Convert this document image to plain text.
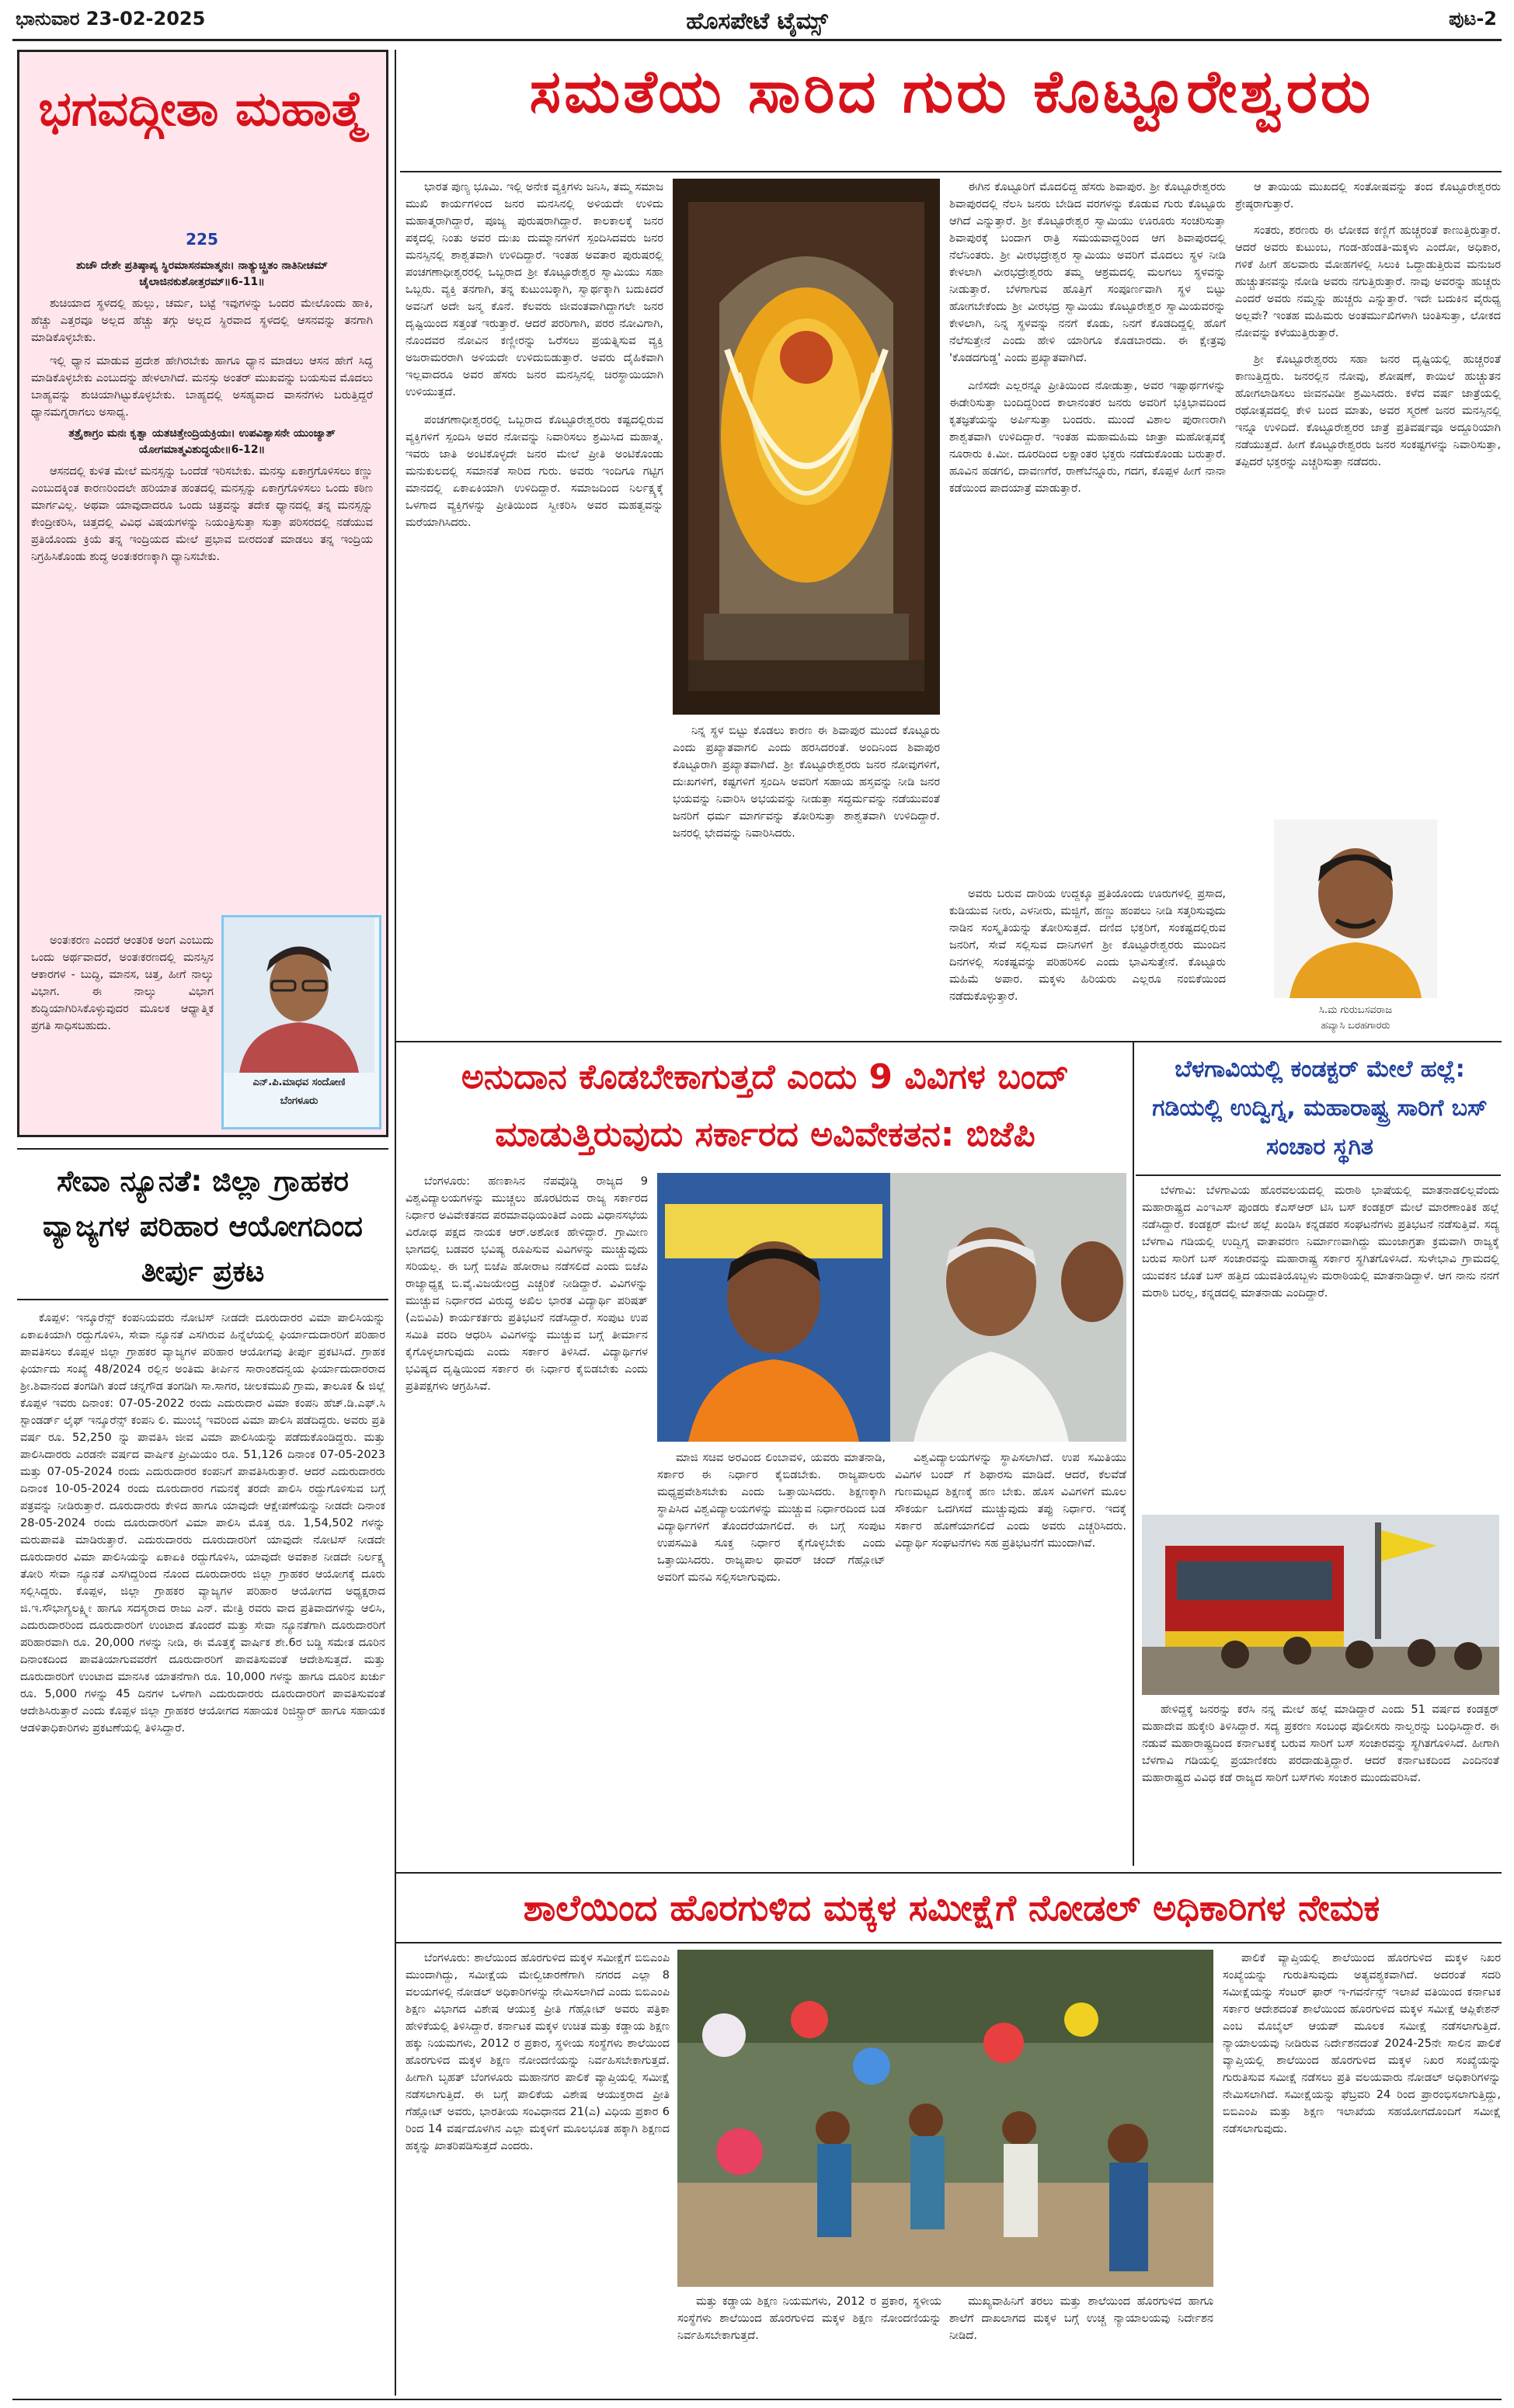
ಭಾನುವಾರ 23-02-2025	ಹೊಸಪೇಟೆ ಟೈಮ್ಸ್	ಪುಟ-2
ಭಗವದ್ಗೀತಾ ಮಹಾತ್ಮೆ
225
ಶುಚೌ ದೇಶೇ ಪ್ರತಿಷ್ಠಾಪ್ಯ ಸ್ಥಿರಮಾಸನಮಾತ್ಮನಃ। ನಾತ್ಯುಚ್ಛ್ರಿತಂ ನಾತಿನೀಚಮ್ ಚೈಲಾಜಿನಕುಶೋತ್ತರಮ್॥6-11॥

ಶುಚಿಯಾದ ಸ್ಥಳದಲ್ಲಿ ಹುಲ್ಲು, ಚರ್ಮ, ಬಟ್ಟೆ ಇವುಗಳನ್ನು ಒಂದರ ಮೇಲೊಂದು ಹಾಕಿ, ಹೆಚ್ಚು ಎತ್ತರವೂ ಅಲ್ಲದ ಹೆಚ್ಚು ತಗ್ಗು ಅಲ್ಲದ ಸ್ಥಿರವಾದ ಸ್ಥಳದಲ್ಲಿ ಆಸನವನ್ನು ತನಗಾಗಿ ಮಾಡಿಕೊಳ್ಳಬೇಕು.

ಇಲ್ಲಿ ಧ್ಯಾನ ಮಾಡುವ ಪ್ರದೇಶ ಹೇಗಿರಬೇಕು ಹಾಗೂ ಧ್ಯಾನ ಮಾಡಲು ಆಸನ ಹೇಗೆ ಸಿದ್ಧ ಮಾಡಿಕೊಳ್ಳಬೇಕು ಎಂಬುದನ್ನು ಹೇಳಲಾಗಿದೆ. ಮನಸ್ಸು ಅಂತರ್ ಮುಖವನ್ನು ಬಯಸುವ ಮೊದಲು ಬಾಹ್ಯವನ್ನು ಶುಚಿಯಾಗಿಟ್ಟುಕೊಳ್ಳಬೇಕು. ಬಾಹ್ಯದಲ್ಲಿ ಅಸಹ್ಯವಾದ ವಾಸನೆಗಳು ಬರುತ್ತಿದ್ದರೆ ಧ್ಯಾನಮಗ್ನರಾಗಲು ಅಸಾಧ್ಯ.

ತತ್ರೈಕಾಗ್ರಂ ಮನಃ ಕೃತ್ವಾ ಯತಚಿತ್ತೇಂದ್ರಿಯಕ್ರಿಯಃ। ಉಪವಿಶ್ಯಾಸನೇ ಯುಂಜ್ಯಾತ್ ಯೋಗಮಾತ್ಮವಿಶುದ್ಧಯೇ॥6-12॥

ಆಸನದಲ್ಲಿ ಕುಳಿತ ಮೇಲೆ ಮನಸ್ಸನ್ನು ಒಂದೆಡೆ ಇರಿಸಬೇಕು. ಮನಸ್ಸು ಏಕಾಗ್ರಗೊಳಿಸಲು ಕಣ್ಣು ಎಂಬುದಕ್ಕಿಂತ ಕಾರಣರಿಂದಲೇ ಹರಿಯಾತ ಹಂತದಲ್ಲಿ ಮನಸ್ಸನ್ನು ಏಕಾಗ್ರಗೊಳಿಸಲು ಒಂದು ಕಠಿಣ ಮಾರ್ಗವಿಲ್ಲ. ಅಥವಾ ಯಾವುದಾದರೂ ಒಂದು ಚಿತ್ರವನ್ನು ತದೇಕ ಧ್ಯಾನದಲ್ಲಿ ತನ್ನ ಮನಸ್ಸನ್ನು ಕೇಂದ್ರೀಕರಿಸಿ, ಚಿತ್ತದಲ್ಲಿ ವಿವಿಧ ವಿಷಯಗಳನ್ನು ನಿಯಂತ್ರಿಸುತ್ತಾ ಸುತ್ತಾ ಪರಿಸರದಲ್ಲಿ ನಡೆಯುವ ಪ್ರತಿಯೊಂದು ಕ್ರಿಯೆ ತನ್ನ ಇಂದ್ರಿಯದ ಮೇಲೆ ಪ್ರಭಾವ ಬೀರದಂತೆ ಮಾಡಲು ತನ್ನ ಇಂದ್ರಿಯ ನಿಗ್ರಹಿಸಿಕೊಂಡು ಶುದ್ಧ ಅಂತಃಕರಣಕ್ಕಾಗಿ ಧ್ಯಾನಿಸಬೇಕು.

ಅಂತಃಕರಣ ಎಂದರೆ ಆಂತರಿಕ ಅಂಗ ಎಂಬುದು ಒಂದು ಅರ್ಥವಾದರೆ, ಅಂತಃಕರಣದಲ್ಲಿ ಮನಸ್ಸಿನ ಆಕಾರಗಳ - ಬುದ್ಧಿ, ಮಾನಸ, ಚಿತ್ತ, ಹೀಗೆ ನಾಲ್ಕು ವಿಭಾಗ. ಈ ನಾಲ್ಕು ವಿಭಾಗ ಶುದ್ಧಿಯಾಗಿರಿಸಿಕೊಳ್ಳುವುದರ ಮೂಲಕ ಆಧ್ಯಾತ್ಮಿಕ ಪ್ರಗತಿ ಸಾಧಿಸಬಹುದು.

ಎನ್.ಪಿ.ಮಾಧವ ಸಂದೋಣಿ
ಬೆಂಗಳೂರು
ಸಮತೆಯ ಸಾರಿದ ಗುರು ಕೊಟ್ಟೂರೇಶ್ವರರು

ಭಾರತ ಪುಣ್ಯ ಭೂಮಿ. ಇಲ್ಲಿ ಅನೇಕ ವ್ಯಕ್ತಿಗಳು ಜನಿಸಿ, ತಮ್ಮ ಸಮಾಜ ಮುಖಿ ಕಾರ್ಯಗಳಿಂದ ಜನರ ಮನಸಿನಲ್ಲಿ ಅಳಿಯದೇ ಉಳಿದು ಮಹಾತ್ಮರಾಗಿದ್ದಾರೆ, ಪೂಜ್ಯ ಪುರುಷರಾಗಿದ್ದಾರೆ. ಕಾಲಕಾಲಕ್ಕೆ ಜನರ ಪಕ್ಕದಲ್ಲಿ ನಿಂತು ಅವರ ದುಃಖ ದುಮ್ಮಾನಗಳಿಗೆ ಸ್ಪಂದಿಸಿದವರು ಜನರ ಮನಸ್ಸಿನಲ್ಲಿ ಶಾಶ್ವತವಾಗಿ ಉಳಿದಿದ್ದಾರೆ. ಇಂತಹ ಅವತಾರ ಪುರುಷರಲ್ಲಿ ಪಂಚಗಣಾಧೀಶ್ವರರಲ್ಲಿ ಒಬ್ಬರಾದ ಶ್ರೀ ಕೊಟ್ಟೂರೇಶ್ವರ ಸ್ವಾಮಿಯು ಸಹಾ ಒಬ್ಬರು. ವ್ಯಕ್ತಿ ತನಗಾಗಿ, ತನ್ನ ಕುಟುಂಬಕ್ಕಾಗಿ, ಸ್ವಾರ್ಥಕ್ಕಾಗಿ ಬದುಕಿದರೆ ಅವನಿಗೆ ಅದೇ ಜನ್ಮ ಕೊನೆ. ಕೆಲವರು ಜೀವಂತವಾಗಿದ್ದಾಗಲೇ ಜನರ ದೃಷ್ಟಿಯಿಂದ ಸತ್ತಂತೆ ಇರುತ್ತಾರೆ. ಆದರೆ ಪರರಿಗಾಗಿ, ಪರರ ನೋವಿಗಾಗಿ, ನೊಂದವರ ನೋವಿನ ಕಣ್ಣೀರನ್ನು ಒರೆಸಲು ಪ್ರಯತ್ನಿಸುವ ವ್ಯಕ್ತಿ ಅಜರಾಮರರಾಗಿ ಅಳಿಯದೇ ಉಳಿದುಬಿಡುತ್ತಾರೆ. ಅವರು ದೈಹಿಕವಾಗಿ ಇಲ್ಲವಾದರೂ ಅವರ ಹೆಸರು ಜನರ ಮನಸ್ಸಿನಲ್ಲಿ ಚಿರಸ್ಥಾಯಿಯಾಗಿ ಉಳಿಯುತ್ತದೆ.

ಪಂಚಗಣಾಧೀಶ್ವರರಲ್ಲಿ ಒಬ್ಬರಾದ ಕೊಟ್ಟೂರೇಶ್ವರರು ಕಷ್ಟದಲ್ಲಿರುವ ವ್ಯಕ್ತಿಗಳಿಗೆ ಸ್ಪಂದಿಸಿ ಅವರ ನೋವನ್ನು ನಿವಾರಿಸಲು ಶ್ರಮಿಸಿದ ಮಹಾತ್ಮ. ಇವರು ಜಾತಿ ಅಂಟಿಕೊಳ್ಳದೇ ಜನರ ಮೇಲೆ ಪ್ರೀತಿ ಅಂಟಿಕೊಂಡು ಮನುಕುಲದಲ್ಲಿ ಸಮಾನತೆ ಸಾರಿದ ಗುರು. ಅವರು ಇಂದಿಗೂ ಗಟ್ಟಿಗ ಮಾನದಲ್ಲಿ ಏಕಾಏಕಿಯಾಗಿ ಉಳಿದಿದ್ದಾರೆ. ಸಮಾಜದಿಂದ ನಿರ್ಲಕ್ಷ್ಯಕ್ಕೆ ಒಳಗಾದ ವ್ಯಕ್ತಿಗಳನ್ನು ಪ್ರೀತಿಯಿಂದ ಸ್ವೀಕರಿಸಿ ಅವರ ಮಹತ್ವವನ್ನು ಮರೆಯಾಗಿಸಿದರು.

ನಿನ್ನ ಸ್ಥಳ ಬಿಟ್ಟು ಕೊಡಲು ಕಾರಣ ಈ ಶಿವಾಪುರ ಮುಂದೆ ಕೊಟ್ಟೂರು ಎಂದು ಪ್ರಖ್ಯಾತವಾಗಲಿ ಎಂದು ಹರಸಿದರಂತೆ. ಅಂದಿನಿಂದ ಶಿವಾಪುರ ಕೊಟ್ಟೂರಾಗಿ ಪ್ರಖ್ಯಾತವಾಗಿದೆ. ಶ್ರೀ ಕೊಟ್ಟೂರೇಶ್ವರರು ಜನರ ನೋವುಗಳಿಗೆ, ದುಃಖಗಳಿಗೆ, ಕಷ್ಟಗಳಿಗೆ ಸ್ಪಂದಿಸಿ ಅವರಿಗೆ ಸಹಾಯ ಹಸ್ತವನ್ನು ನೀಡಿ ಜನರ ಭಯವನ್ನು ನಿವಾರಿಸಿ ಅಭಯವನ್ನು ನೀಡುತ್ತಾ ಸದ್ಧರ್ಮವನ್ನು ನಡೆಯುವಂತೆ ಜನರಿಗೆ ಧರ್ಮ ಮಾರ್ಗವನ್ನು ತೋರಿಸುತ್ತಾ ಶಾಶ್ವತವಾಗಿ ಉಳಿದಿದ್ದಾರೆ. ಜನರಲ್ಲಿ ಭೇದವನ್ನು ನಿವಾರಿಸಿದರು.

ಈಗಿನ ಕೊಟ್ಟೂರಿಗೆ ಮೊದಲಿದ್ದ ಹೆಸರು ಶಿವಾಪುರ. ಶ್ರೀ ಕೊಟ್ಟೂರೇಶ್ವರರು ಶಿವಾಪುರದಲ್ಲಿ ನೆಲಸಿ ಜನರು ಬೇಡಿದ ವರಗಳನ್ನು ಕೊಡುವ ಗುರು ಕೊಟ್ಟೂರು ಆಗಿದೆ ಎನ್ನುತ್ತಾರೆ. ಶ್ರೀ ಕೊಟ್ಟೂರೇಶ್ವರ ಸ್ವಾಮಿಯು ಊರೂರು ಸಂಚರಿಸುತ್ತಾ ಶಿವಾಪುರಕ್ಕೆ ಬಂದಾಗ ರಾತ್ರಿ ಸಮಯವಾದ್ದರಿಂದ ಆಗ ಶಿವಾಪುರದಲ್ಲಿ ನೆಲೆನಿಂತರು. ಶ್ರೀ ವೀರಭದ್ರೇಶ್ವರ ಸ್ವಾಮಿಯು ಅವರಿಗೆ ಮೊದಲು ಸ್ಥಳ ನೀಡಿ ಕೇಳಲಾಗಿ ವೀರಭದ್ರೇಶ್ವರರು ತಮ್ಮ ಆಶ್ರಮದಲ್ಲಿ ಮಲಗಲು ಸ್ಥಳವನ್ನು ನೀಡುತ್ತಾರೆ. ಬೆಳಗಾಗುವ ಹೊತ್ತಿಗೆ ಸಂಪೂರ್ಣವಾಗಿ ಸ್ಥಳ ಬಿಟ್ಟು ಹೋಗಬೇಕೆಂದು ಶ್ರೀ ವೀರಭದ್ರ ಸ್ವಾಮಿಯು ಕೊಟ್ಟೂರೇಶ್ವರ ಸ್ವಾಮಿಯವರನ್ನು ಕೇಳಲಾಗಿ, ನಿನ್ನ ಸ್ಥಳವನ್ನು ನನಗೆ ಕೊಡು, ನಿನಗೆ ಕೊಡದಿದ್ದಲ್ಲಿ ಹೊಗೆ ನೆಲೆಸುತ್ತೇನೆ ಎಂದು ಹೇಳಿ ಯಾರಿಗೂ ಕೊಡಬಾರದು. ಈ ಕ್ಷೇತ್ರವು 'ಕೊಡದಗುಡ್ಡ' ಎಂದು ಪ್ರಖ್ಯಾತವಾಗಿದೆ.

ಎಣಿಸದೇ ಎಲ್ಲರನ್ನೂ ಪ್ರೀತಿಯಿಂದ ನೋಡುತ್ತಾ, ಅವರ ಇಷ್ಟಾರ್ಥಗಳನ್ನು ಈಡೇರಿಸುತ್ತಾ ಬಂದಿದ್ದರಿಂದ ಕಾಲಾನಂತರ ಜನರು ಅವರಿಗೆ ಭಕ್ತಿಭಾವದಿಂದ ಕೃತಜ್ಞತೆಯನ್ನು ಅರ್ಪಿಸುತ್ತಾ ಬಂದರು. ಮುಂದೆ ವಿಶಾಲ ಪುರಾಣರಾಗಿ ಶಾಶ್ವತವಾಗಿ ಉಳಿದಿದ್ದಾರೆ. ಇಂತಹ ಮಹಾಮಹಿಮ ಜಾತ್ರಾ ಮಹೋತ್ಸವಕ್ಕೆ ನೂರಾರು ಕಿ.ಮೀ. ದೂರದಿಂದ ಲಕ್ಷಾಂತರ ಭಕ್ತರು ನಡೆದುಕೊಂಡು ಬರುತ್ತಾರೆ. ಹೂವಿನ ಹಡಗಲಿ, ದಾವಣಗೆರೆ, ರಾಣೆಬೆನ್ನೂರು, ಗದಗ, ಕೊಪ್ಪಳ ಹೀಗೆ ನಾನಾ ಕಡೆಯಿಂದ ಪಾದಯಾತ್ರೆ ಮಾಡುತ್ತಾರೆ.

ಆ ತಾಯಿಯ ಮುಖದಲ್ಲಿ ಸಂತೋಷವನ್ನು ತಂದ ಕೊಟ್ಟೂರೇಶ್ವರರು ಶ್ರೇಷ್ಠರಾಗುತ್ತಾರೆ.

ಸಂತರು, ಶರಣರು ಈ ಲೋಕದ ಕಣ್ಣಿಗೆ ಹುಚ್ಚರಂತೆ ಕಾಣುತ್ತಿರುತ್ತಾರೆ. ಆದರೆ ಅವರು ಕುಟುಂಬ, ಗಂಡ-ಹೆಂಡತಿ-ಮಕ್ಕಳು ಎಂದೋ, ಅಧಿಕಾರ, ಗಳಿಕೆ ಹೀಗೆ ಹಲವಾರು ಮೋಹಗಳಲ್ಲಿ ಸಿಲುಕಿ ಒದ್ದಾಡುತ್ತಿರುವ ಮನುಜರ ಹುಚ್ಚುತನವನ್ನು ನೋಡಿ ಅವರು ನಗುತ್ತಿರುತ್ತಾರೆ. ನಾವು ಅವರನ್ನು ಹುಚ್ಚರು ಎಂದರೆ ಅವರು ನಮ್ಮನ್ನು ಹುಚ್ಚರು ಎನ್ನುತ್ತಾರೆ. ಇದೇ ಬದುಕಿನ ವೈರುಧ್ಯ ಅಲ್ಲವೇ? ಇಂತಹ ಮಹಿಮರು ಅಂತರ್ಮುಖಿಗಳಾಗಿ ಚಿಂತಿಸುತ್ತಾ, ಲೋಕದ ನೋವನ್ನು ಕಳೆಯುತ್ತಿರುತ್ತಾರೆ.

ಶ್ರೀ ಕೊಟ್ಟೂರೇಶ್ವರರು ಸಹಾ ಜನರ ದೃಷ್ಟಿಯಲ್ಲಿ ಹುಚ್ಚರಂತೆ ಕಾಣುತ್ತಿದ್ದರು. ಜನರಲ್ಲಿನ ನೋವು, ಶೋಷಣೆ, ಕಾಯಿಲೆ ಹುಚ್ಚುತನ ಹೋಗಲಾಡಿಸಲು ಜೀವನವಿಡೀ ಶ್ರಮಿಸಿದರು. ಕಳೆದ ವರ್ಷ ಜಾತ್ರೆಯಲ್ಲಿ ರಥೋತ್ಸವದಲ್ಲಿ ಕೇಳಿ ಬಂದ ಮಾತು, ಅವರ ಸ್ಮರಣೆ ಜನರ ಮನಸ್ಸಿನಲ್ಲಿ ಇನ್ನೂ ಉಳಿದಿದೆ. ಕೊಟ್ಟೂರೇಶ್ವರರ ಜಾತ್ರೆ ಪ್ರತಿವರ್ಷವೂ ಅದ್ದೂರಿಯಾಗಿ ನಡೆಯುತ್ತದೆ. ಹೀಗೆ ಕೊಟ್ಟೂರೇಶ್ವರರು ಜನರ ಸಂಕಷ್ಟಗಳನ್ನು ನಿವಾರಿಸುತ್ತಾ, ತಪ್ಪಿದರೆ ಭಕ್ತರನ್ನು ಎಚ್ಚರಿಸುತ್ತಾ ನಡೆದರು.

ಅವರು ಬರುವ ದಾರಿಯ ಉದ್ದಕ್ಕೂ ಪ್ರತಿಯೊಂದು ಊರುಗಳಲ್ಲಿ ಪ್ರಸಾದ, ಕುಡಿಯುವ ನೀರು, ಎಳನೀರು, ಮಜ್ಜಿಗೆ, ಹಣ್ಣು ಹಂಪಲು ನೀಡಿ ಸತ್ಕರಿಸುವುದು ನಾಡಿನ ಸಂಸ್ಕೃತಿಯನ್ನು ತೋರಿಸುತ್ತದೆ. ದಣಿದ ಭಕ್ತರಿಗೆ, ಸಂಕಷ್ಟದಲ್ಲಿರುವ ಜನರಿಗೆ, ಸೇವೆ ಸಲ್ಲಿಸುವ ದಾನಿಗಳಿಗೆ ಶ್ರೀ ಕೊಟ್ಟೂರೇಶ್ವರರು ಮುಂದಿನ ದಿನಗಳಲ್ಲಿ ಸಂಕಷ್ಟವನ್ನು ಪರಿಹರಿಸಲಿ ಎಂದು ಭಾವಿಸುತ್ತೇನೆ. ಕೊಟ್ಟೂರು ಮಹಿಮೆ ಅಪಾರ. ಮಕ್ಕಳು ಹಿರಿಯರು ಎಲ್ಲರೂ ನಂಬಿಕೆಯಿಂದ ನಡೆದುಕೊಳ್ಳುತ್ತಾರೆ.

ಸಿ.ಮ ಗುರುಬಸವರಾಜ
ಹವ್ಯಾಸಿ ಬರಹಗಾರರು
ಸೇವಾ ನ್ಯೂನತೆ: ಜಿಲ್ಲಾ ಗ್ರಾಹಕರ ವ್ಯಾಜ್ಯಗಳ ಪರಿಹಾರ ಆಯೋಗದಿಂದ ತೀರ್ಪು ಪ್ರಕಟ

ಕೊಪ್ಪಳ: ಇನ್ಶೂರೆನ್ಸ್ ಕಂಪನಿಯವರು ನೋಟಿಸ್ ನೀಡದೇ ದೂರುದಾರರ ವಿಮಾ ಪಾಲಿಸಿಯನ್ನು ಏಕಾಏಕಿಯಾಗಿ ರದ್ದುಗೊಳಿಸಿ, ಸೇವಾ ನ್ಯೂನತೆ ಎಸಗಿರುವ ಹಿನ್ನೆಲೆಯಲ್ಲಿ ಫಿರ್ಯಾದುದಾರರಿಗೆ ಪರಿಹಾರ ಪಾವತಿಸಲು ಕೊಪ್ಪಳ ಜಿಲ್ಲಾ ಗ್ರಾಹಕರ ವ್ಯಾಜ್ಯಗಳ ಪರಿಹಾರ ಆಯೋಗವು ತೀರ್ಪು ಪ್ರಕಟಿಸಿದೆ. ಗ್ರಾಹಕ ಫಿರ್ಯಾದು ಸಂಖ್ಯೆ 48/2024 ರಲ್ಲಿನ ಅಂತಿಮ ತೀರ್ಪಿನ ಸಾರಾಂಶದನ್ವಯ ಫಿರ್ಯಾದುದಾರರಾದ ಶ್ರೀ.ಶಿವಾನಂದ ತಂಗಡಿಗಿ ತಂದೆ ಚನ್ನಗೌಡ ತಂಗಡಿಗಿ ಸಾ.ಸಾಗರ, ಚೀಲಕಮುಖಿ ಗ್ರಾಮ, ತಾಲೂಕ & ಜಿಲ್ಲೆ ಕೊಪ್ಪಳ ಇವರು ದಿನಾಂಕ: 07-05-2022 ರಂದು ಎದುರುದಾರ ವಿಮಾ ಕಂಪನಿ ಹೆಚ್.ಡಿ.ಎಫ್.ಸಿ ಸ್ಟಾಂಡರ್ಡ್ ಲೈಫ್ ಇನ್ಶೂರೆನ್ಸ್ ಕಂಪನಿ ಲಿ. ಮುಂಬೈ ಇವರಿಂದ ವಿಮಾ ಪಾಲಿಸಿ ಪಡೆದಿದ್ದರು. ಅವರು ಪ್ರತಿ ವರ್ಷ ರೂ. 52,250 ನ್ನು ಪಾವತಿಸಿ ಜೀವ ವಿಮಾ ಪಾಲಿಸಿಯನ್ನು ಪಡೆದುಕೊಂಡಿದ್ದರು. ಮತ್ತು ಪಾಲಿಸಿದಾರರು ಎರಡನೇ ವರ್ಷದ ವಾರ್ಷಿಕ ಪ್ರೀಮಿಯಂ ರೂ. 51,126 ದಿನಾಂಕ 07-05-2023 ಮತ್ತು 07-05-2024 ರಂದು ಎದುರುದಾರರ ಕಂಪನಿಗೆ ಪಾವತಿಸಿರುತ್ತಾರೆ. ಆದರೆ ಎದುರುದಾರರು ದಿನಾಂಕ 10-05-2024 ರಂದು ದೂರುದಾರರ ಗಮನಕ್ಕೆ ತರದೇ ಪಾಲಿಸಿ ರದ್ದುಗೊಳಿಸುವ ಬಗ್ಗೆ ಪತ್ರವನ್ನು ನೀಡಿರುತ್ತಾರೆ. ದೂರುದಾರರು ಕೇಳಿದ ಹಾಗೂ ಯಾವುದೇ ಆಕ್ಷೇಪಣೆಯನ್ನು ನೀಡದೇ ದಿನಾಂಕ 28-05-2024 ರಂದು ದೂರುದಾರರಿಗೆ ವಿಮಾ ಪಾಲಿಸಿ ಮೊತ್ತ ರೂ. 1,54,502 ಗಳನ್ನು ಮರುಪಾವತಿ ಮಾಡಿರುತ್ತಾರೆ. ಎದುರುದಾರರು ದೂರುದಾರರಿಗೆ ಯಾವುದೇ ನೋಟಿಸ್ ನೀಡದೇ ದೂರುದಾರರ ವಿಮಾ ಪಾಲಿಸಿಯನ್ನು ಏಕಾಏಕಿ ರದ್ದುಗೊಳಿಸಿ, ಯಾವುದೇ ಅವಕಾಶ ನೀಡದೇ ನಿರ್ಲಕ್ಷ್ಯ ತೋರಿ ಸೇವಾ ನ್ಯೂನತೆ ಎಸಗಿದ್ದರಿಂದ ನೊಂದ ದೂರುದಾರರು ಜಿಲ್ಲಾ ಗ್ರಾಹಕರ ಆಯೋಗಕ್ಕೆ ದೂರು ಸಲ್ಲಿಸಿದ್ದರು. ಕೊಪ್ಪಳ, ಜಿಲ್ಲಾ ಗ್ರಾಹಕರ ವ್ಯಾಜ್ಯಗಳ ಪರಿಹಾರ ಆಯೋಗದ ಅಧ್ಯಕ್ಷರಾದ ಜಿ.ಇ.ಸೌಭಾಗ್ಯಲಕ್ಷ್ಮೀ ಹಾಗೂ ಸದಸ್ಯರಾದ ರಾಜು ಎನ್. ಮೇತ್ರಿ ರವರು ವಾದ ಪ್ರತಿವಾದಗಳನ್ನು ಆಲಿಸಿ, ಎದುರುದಾರರಿಂದ ದೂರುದಾರರಿಗೆ ಉಂಟಾದ ತೊಂದರೆ ಮತ್ತು ಸೇವಾ ನ್ಯೂನತೆಗಾಗಿ ದೂರುದಾರರಿಗೆ ಪರಿಹಾರವಾಗಿ ರೂ. 20,000 ಗಳನ್ನು ನೀಡಿ, ಈ ಮೊತ್ತಕ್ಕೆ ವಾರ್ಷಿಕ ಶೇ.6ರ ಬಡ್ಡಿ ಸಮೇತ ದೂರಿನ ದಿನಾಂಕದಿಂದ ಪಾವತಿಯಾಗುವವರೆಗೆ ದೂರುದಾರರಿಗೆ ಪಾವತಿಸುವಂತೆ ಆದೇಶಿಸುತ್ತದೆ. ಮತ್ತು ದೂರುದಾರರಿಗೆ ಉಂಟಾದ ಮಾನಸಿಕ ಯಾತನೆಗಾಗಿ ರೂ. 10,000 ಗಳನ್ನು ಹಾಗೂ ದೂರಿನ ಖರ್ಚು ರೂ. 5,000 ಗಳನ್ನು 45 ದಿನಗಳ ಒಳಗಾಗಿ ಎದುರುದಾರರು ದೂರುದಾರರಿಗೆ ಪಾವತಿಸುವಂತೆ ಆದೇಶಿಸಿರುತ್ತಾರೆ ಎಂದು ಕೊಪ್ಪಳ ಜಿಲ್ಲಾ ಗ್ರಾಹಕರ ಆಯೋಗದ ಸಹಾಯಕ ರಿಜಿಸ್ಟ್ರಾರ್ ಹಾಗೂ ಸಹಾಯಕ ಆಡಳಿತಾಧಿಕಾರಿಗಳು ಪ್ರಕಟಣೆಯಲ್ಲಿ ತಿಳಿಸಿದ್ದಾರೆ.

ಅನುದಾನ ಕೊಡಬೇಕಾಗುತ್ತದೆ ಎಂದು 9 ವಿವಿಗಳ ಬಂದ್ ಮಾಡುತ್ತಿರುವುದು ಸರ್ಕಾರದ ಅವಿವೇಕತನ: ಬಿಜೆಪಿ

ಬೆಂಗಳೂರು: ಹಣಕಾಸಿನ ನೆಪವೊಡ್ಡಿ ರಾಜ್ಯದ 9 ವಿಶ್ವವಿದ್ಯಾಲಯಗಳನ್ನು ಮುಚ್ಚಲು ಹೊರಟಿರುವ ರಾಜ್ಯ ಸರ್ಕಾರದ ನಿರ್ಧಾರ ಅವಿವೇಕತನದ ಪರಮಾವಧಿಯಂತಿದೆ ಎಂದು ವಿಧಾನಸಭೆಯ ವಿರೋಧ ಪಕ್ಷದ ನಾಯಕ ಆರ್.ಅಶೋಕ ಹೇಳಿದ್ದಾರೆ. ಗ್ರಾಮೀಣ ಭಾಗದಲ್ಲಿ ಬಡವರ ಭವಿಷ್ಯ ರೂಪಿಸುವ ವಿವಿಗಳನ್ನು ಮುಚ್ಚುವುದು ಸರಿಯಲ್ಲ. ಈ ಬಗ್ಗೆ ಬಿಜೆಪಿ ಹೋರಾಟ ನಡೆಸಲಿದೆ ಎಂದು ಬಿಜೆಪಿ ರಾಜ್ಯಾಧ್ಯಕ್ಷ ಬಿ.ವೈ.ವಿಜಯೇಂದ್ರ ಎಚ್ಚರಿಕೆ ನೀಡಿದ್ದಾರೆ. ವಿವಿಗಳನ್ನು ಮುಚ್ಚುವ ನಿರ್ಧಾರದ ವಿರುದ್ಧ ಅಖಿಲ ಭಾರತ ವಿದ್ಯಾರ್ಥಿ ಪರಿಷತ್ (ಎಬಿವಿಪಿ) ಕಾರ್ಯಕರ್ತರು ಪ್ರತಿಭಟನೆ ನಡೆಸಿದ್ದಾರೆ. ಸಂಪುಟ ಉಪ ಸಮಿತಿ ವರದಿ ಆಧರಿಸಿ ವಿವಿಗಳನ್ನು ಮುಚ್ಚುವ ಬಗ್ಗೆ ತೀರ್ಮಾನ ಕೈಗೊಳ್ಳಲಾಗುವುದು ಎಂದು ಸರ್ಕಾರ ತಿಳಿಸಿದೆ. ವಿದ್ಯಾರ್ಥಿಗಳ ಭವಿಷ್ಯದ ದೃಷ್ಟಿಯಿಂದ ಸರ್ಕಾರ ಈ ನಿರ್ಧಾರ ಕೈಬಿಡಬೇಕು ಎಂದು ಪ್ರತಿಪಕ್ಷಗಳು ಆಗ್ರಹಿಸಿವೆ.

ಮಾಜಿ ಸಚಿವ ಅರವಿಂದ ಲಿಂಬಾವಳಿ, ಯವರು ಮಾತನಾಡಿ, ಸರ್ಕಾರ ಈ ನಿರ್ಧಾರ ಕೈಬಿಡಬೇಕು. ರಾಜ್ಯಪಾಲರು ಮಧ್ಯಪ್ರವೇಶಿಸಬೇಕು ಎಂದು ಒತ್ತಾಯಿಸಿದರು. ಶಿಕ್ಷಣಕ್ಕಾಗಿ ಸ್ಥಾಪಿಸಿದ ವಿಶ್ವವಿದ್ಯಾಲಯಗಳನ್ನು ಮುಚ್ಚುವ ನಿರ್ಧಾರದಿಂದ ಬಡ ವಿದ್ಯಾರ್ಥಿಗಳಿಗೆ ತೊಂದರೆಯಾಗಲಿದೆ. ಈ ಬಗ್ಗೆ ಸಂಪುಟ ಉಪಸಮಿತಿ ಸೂಕ್ತ ನಿರ್ಧಾರ ಕೈಗೊಳ್ಳಬೇಕು ಎಂದು ಒತ್ತಾಯಿಸಿದರು. ರಾಜ್ಯಪಾಲ ಥಾವರ್ ಚಂದ್ ಗೆಹ್ಲೋಟ್ ಅವರಿಗೆ ಮನವಿ ಸಲ್ಲಿಸಲಾಗುವುದು.

ವಿಶ್ವವಿದ್ಯಾಲಯಗಳನ್ನು ಸ್ಥಾಪಿಸಲಾಗಿದೆ. ಉಪ ಸಮಿತಿಯು ವಿವಿಗಳ ಬಂದ್ ಗೆ ಶಿಫಾರಸು ಮಾಡಿದೆ. ಆದರೆ, ಕೆಲವೆಡೆ ಗುಣಮಟ್ಟದ ಶಿಕ್ಷಣಕ್ಕೆ ಹಣ ಬೇಕು. ಹೊಸ ವಿವಿಗಳಿಗೆ ಮೂಲ ಸೌಕರ್ಯ ಒದಗಿಸದೆ ಮುಚ್ಚುವುದು ತಪ್ಪು ನಿರ್ಧಾರ. ಇದಕ್ಕೆ ಸರ್ಕಾರ ಹೊಣೆಯಾಗಲಿದೆ ಎಂದು ಅವರು ಎಚ್ಚರಿಸಿದರು. ವಿದ್ಯಾರ್ಥಿ ಸಂಘಟನೆಗಳು ಸಹ ಪ್ರತಿಭಟನೆಗೆ ಮುಂದಾಗಿವೆ.

ಬೆಳಗಾವಿಯಲ್ಲಿ ಕಂಡಕ್ಟರ್ ಮೇಲೆ ಹಲ್ಲೆ: ಗಡಿಯಲ್ಲಿ ಉದ್ವಿಗ್ನ, ಮಹಾರಾಷ್ಟ್ರ ಸಾರಿಗೆ ಬಸ್ ಸಂಚಾರ ಸ್ಥಗಿತ

ಬೆಳಗಾವಿ: ಬೆಳಗಾವಿಯ ಹೊರವಲಯದಲ್ಲಿ ಮರಾಠಿ ಭಾಷೆಯಲ್ಲಿ ಮಾತನಾಡಲಿಲ್ಲವೆಂದು ಮಹಾರಾಷ್ಟ್ರದ ಎಂಇಎಸ್ ಪುಂಡರು ಕೆಎಸ್ಆರ್ ಟಿಸಿ ಬಸ್ ಕಂಡಕ್ಟರ್ ಮೇಲೆ ಮಾರಣಾಂತಿಕ ಹಲ್ಲೆ ನಡೆಸಿದ್ದಾರೆ. ಕಂಡಕ್ಟರ್ ಮೇಲೆ ಹಲ್ಲೆ ಖಂಡಿಸಿ ಕನ್ನಡಪರ ಸಂಘಟನೆಗಳು ಪ್ರತಿಭಟನೆ ನಡೆಸುತ್ತಿವೆ. ಸದ್ಯ ಬೆಳಗಾವಿ ಗಡಿಯಲ್ಲಿ ಉದ್ವಿಗ್ನ ವಾತಾವರಣ ನಿರ್ಮಾಣವಾಗಿದ್ದು ಮುಂಜಾಗ್ರತಾ ಕ್ರಮವಾಗಿ ರಾಜ್ಯಕ್ಕೆ ಬರುವ ಸಾರಿಗೆ ಬಸ್ ಸಂಚಾರವನ್ನು ಮಹಾರಾಷ್ಟ್ರ ಸರ್ಕಾರ ಸ್ಥಗಿತಗೊಳಿಸಿದೆ. ಸುಳೇಭಾವಿ ಗ್ರಾಮದಲ್ಲಿ ಯುವಕನ ಜೊತೆ ಬಸ್ ಹತ್ತಿದ ಯುವತಿಯೊಬ್ಬಳು ಮರಾಠಿಯಲ್ಲಿ ಮಾತನಾಡಿದ್ದಾಳೆ. ಆಗ ನಾನು ನನಗೆ ಮರಾಠಿ ಬರಲ್ಲ, ಕನ್ನಡದಲ್ಲಿ ಮಾತನಾಡು ಎಂದಿದ್ದಾರೆ.

ಹೇಳಿದ್ದಕ್ಕೆ ಜನರನ್ನು ಕರೆಸಿ ನನ್ನ ಮೇಲೆ ಹಲ್ಲೆ ಮಾಡಿದ್ದಾರೆ ಎಂದು 51 ವರ್ಷದ ಕಂಡಕ್ಟರ್ ಮಹಾದೇವ ಹುಕ್ಕೇರಿ ತಿಳಿಸಿದ್ದಾರೆ. ಸದ್ಯ ಪ್ರಕರಣ ಸಂಬಂಧ ಪೊಲೀಸರು ನಾಲ್ವರನ್ನು ಬಂಧಿಸಿದ್ದಾರೆ. ಈ ನಡುವೆ ಮಹಾರಾಷ್ಟ್ರದಿಂದ ಕರ್ನಾಟಕಕ್ಕೆ ಬರುವ ಸಾರಿಗೆ ಬಸ್ ಸಂಚಾರವನ್ನು ಸ್ಥಗಿತಗೊಳಿಸಿದೆ. ಹೀಗಾಗಿ ಬೆಳಗಾವಿ ಗಡಿಯಲ್ಲಿ ಪ್ರಯಾಣಿಕರು ಪರದಾಡುತ್ತಿದ್ದಾರೆ. ಆದರೆ ಕರ್ನಾಟಕದಿಂದ ಎಂದಿನಂತೆ ಮಹಾರಾಷ್ಟ್ರದ ವಿವಿಧ ಕಡೆ ರಾಜ್ಯದ ಸಾರಿಗೆ ಬಸ್‌ಗಳು ಸಂಚಾರ ಮುಂದುವರಿಸಿವೆ.

ಶಾಲೆಯಿಂದ ಹೊರಗುಳಿದ ಮಕ್ಕಳ ಸಮೀಕ್ಷೆಗೆ ನೋಡಲ್ ಅಧಿಕಾರಿಗಳ ನೇಮಕ

ಬೆಂಗಳೂರು: ಶಾಲೆಯಿಂದ ಹೊರಗುಳಿದ ಮಕ್ಕಳ ಸಮೀಕ್ಷೆಗೆ ಬಿಬಿಎಂಪಿ ಮುಂದಾಗಿದ್ದು, ಸಮೀಕ್ಷೆಯ ಮೇಲ್ವಿಚಾರಣೆಗಾಗಿ ನಗರದ ಎಲ್ಲಾ 8 ವಲಯಗಳಲ್ಲಿ ನೋಡಲ್ ಅಧಿಕಾರಿಗಳನ್ನು ನೇಮಿಸಲಾಗಿದೆ ಎಂದು ಬಿಬಿಎಂಪಿ ಶಿಕ್ಷಣ ವಿಭಾಗದ ವಿಶೇಷ ಆಯುಕ್ತ ಪ್ರೀತಿ ಗೆಹ್ಲೋಟ್ ಅವರು ಪತ್ರಿಕಾ ಹೇಳಿಕೆಯಲ್ಲಿ ತಿಳಿಸಿದ್ದಾರೆ. ಕರ್ನಾಟಕ ಮಕ್ಕಳ ಉಚಿತ ಮತ್ತು ಕಡ್ಡಾಯ ಶಿಕ್ಷಣ ಹಕ್ಕು ನಿಯಮಗಳು, 2012 ರ ಪ್ರಕಾರ, ಸ್ಥಳೀಯ ಸಂಸ್ಥೆಗಳು ಶಾಲೆಯಿಂದ ಹೊರಗುಳಿದ ಮಕ್ಕಳ ಶಿಕ್ಷಣ ನೋಂದಣಿಯನ್ನು ನಿರ್ವಹಿಸಬೇಕಾಗುತ್ತದೆ. ಹೀಗಾಗಿ ಬೃಹತ್ ಬೆಂಗಳೂರು ಮಹಾನಗರ ಪಾಲಿಕೆ ವ್ಯಾಪ್ತಿಯಲ್ಲಿ ಸಮೀಕ್ಷೆ ನಡೆಸಲಾಗುತ್ತಿದೆ. ಈ ಬಗ್ಗೆ ಪಾಲಿಕೆಯ ವಿಶೇಷ ಆಯುಕ್ತರಾದ ಪ್ರೀತಿ ಗೆಹ್ಲೋಟ್ ಅವರು, ಭಾರತೀಯ ಸಂವಿಧಾನದ 21(ಎ) ವಿಧಿಯ ಪ್ರಕಾರ 6 ರಿಂದ 14 ವರ್ಷದೊಳಗಿನ ಎಲ್ಲಾ ಮಕ್ಕಳಿಗೆ ಮೂಲಭೂತ ಹಕ್ಕಾಗಿ ಶಿಕ್ಷಣದ ಹಕ್ಕನ್ನು ಖಾತರಿಪಡಿಸುತ್ತದೆ ಎಂದರು.

ಮತ್ತು ಕಡ್ಡಾಯ ಶಿಕ್ಷಣ ನಿಯಮಗಳು, 2012 ರ ಪ್ರಕಾರ, ಸ್ಥಳೀಯ ಸಂಸ್ಥೆಗಳು ಶಾಲೆಯಿಂದ ಹೊರಗುಳಿದ ಮಕ್ಕಳ ಶಿಕ್ಷಣ ನೋಂದಣಿಯನ್ನು ನಿರ್ವಹಿಸಬೇಕಾಗುತ್ತದೆ.

ಮುಖ್ಯವಾಹಿನಿಗೆ ತರಲು ಮತ್ತು ಶಾಲೆಯಿಂದ ಹೊರಗುಳಿದ ಹಾಗೂ ಶಾಲೆಗೆ ದಾಖಲಾಗದ ಮಕ್ಕಳ ಬಗ್ಗೆ ಉಚ್ಚ ನ್ಯಾಯಾಲಯವು ನಿರ್ದೇಶನ ನೀಡಿದೆ.

ಪಾಲಿಕೆ ವ್ಯಾಪ್ತಿಯಲ್ಲಿ ಶಾಲೆಯಿಂದ ಹೊರಗುಳಿದ ಮಕ್ಕಳ ನಿಖರ ಸಂಖ್ಯೆಯನ್ನು ಗುರುತಿಸುವುದು ಅತ್ಯವಶ್ಯಕವಾಗಿದೆ. ಅದರಂತೆ ಸದರಿ ಸಮೀಕ್ಷೆಯನ್ನು ಸೆಂಟರ್ ಫಾರ್ ಇ-ಗವರ್ನೆನ್ಸ್ ಇಲಾಖೆ ವತಿಯಿಂದ ಕರ್ನಾಟಕ ಸರ್ಕಾರ ಆದೇಶದಂತೆ ಶಾಲೆಯಿಂದ ಹೊರಗುಳಿದ ಮಕ್ಕಳ ಸಮೀಕ್ಷೆ ಆಪ್ಲಿಕೇಶನ್ ಎಂಬ ಮೊಬೈಲ್ ಆಯಪ್ ಮೂಲಕ ಸಮೀಕ್ಷೆ ನಡೆಸಲಾಗುತ್ತಿದೆ. ನ್ಯಾಯಾಲಯವು ನೀಡಿರುವ ನಿರ್ದೇಶನದಂತೆ 2024-25ನೇ ಸಾಲಿನ ಪಾಲಿಕೆ ವ್ಯಾಪ್ತಿಯಲ್ಲಿ ಶಾಲೆಯಿಂದ ಹೊರಗುಳಿದ ಮಕ್ಕಳ ನಿಖರ ಸಂಖ್ಯೆಯನ್ನು ಗುರುತಿಸುವ ಸಮೀಕ್ಷೆ ನಡೆಸಲು ಪ್ರತಿ ವಲಯವಾರು ನೋಡಲ್ ಅಧಿಕಾರಿಗಳನ್ನು ನೇಮಿಸಲಾಗಿದೆ. ಸಮೀಕ್ಷೆಯನ್ನು ಫೆಬ್ರವರಿ 24 ರಿಂದ ಪ್ರಾರಂಭಿಸಲಾಗುತ್ತಿದ್ದು, ಬಿಬಿಎಂಪಿ ಮತ್ತು ಶಿಕ್ಷಣ ಇಲಾಖೆಯ ಸಹಯೋಗದೊಂದಿಗೆ ಸಮೀಕ್ಷೆ ನಡೆಸಲಾಗುವುದು.
